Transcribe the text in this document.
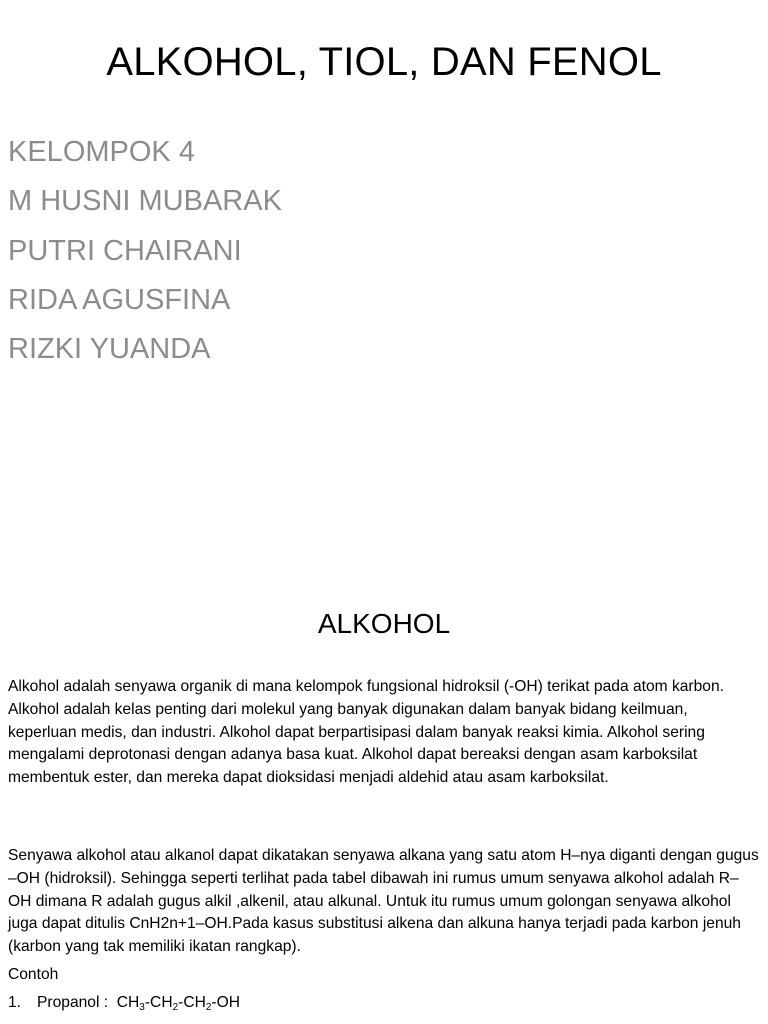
ALKOHOL, TIOL, DAN FENOL
KELOMPOK 4
M HUSNI MUBARAK
PUTRI CHAIRANI
RIDA AGUSFINA
RIZKI YUANDA
ALKOHOL

Alkohol adalah senyawa organik di mana kelompok fungsional hidroksil (-OH) terikat pada atom karbon. Alkohol adalah kelas penting dari molekul yang banyak digunakan dalam banyak bidang keilmuan, keperluan medis, dan industri. Alkohol dapat berpartisipasi dalam banyak reaksi kimia. Alkohol sering mengalami deprotonasi dengan adanya basa kuat. Alkohol dapat bereaksi dengan asam karboksilat membentuk ester, dan mereka dapat dioksidasi menjadi aldehid atau asam karboksilat.

Senyawa alkohol atau alkanol dapat dikatakan senyawa alkana yang satu atom H–nya diganti dengan gugus –OH (hidroksil). Sehingga seperti terlihat pada tabel dibawah ini rumus umum senyawa alkohol adalah R–OH dimana R adalah gugus alkil ,alkenil, atau alkunal. Untuk itu rumus umum golongan senyawa alkohol juga dapat ditulis CnH2n+1–OH.Pada kasus substitusi alkena dan alkuna hanya terjadi pada karbon jenuh (karbon yang tak memiliki ikatan rangkap).

Contoh
1. Propanol : $CH_3-CH_2-CH_2-OH$
